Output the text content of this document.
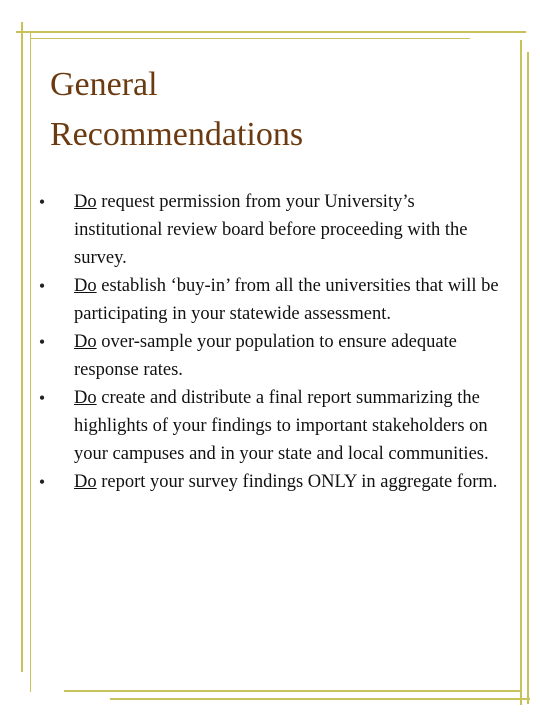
General
Recommendations
•	Do request permission from your University’s institutional review board before proceeding with the survey.
•	Do establish ‘buy-in’ from all the universities that will be participating in your statewide assessment.
•	Do over-sample your population to ensure adequate response rates.
•	Do create and distribute a final report summarizing the highlights of your findings to important stakeholders on your campuses and in your state and local communities.
•	Do report your survey findings ONLY in aggregate form.
